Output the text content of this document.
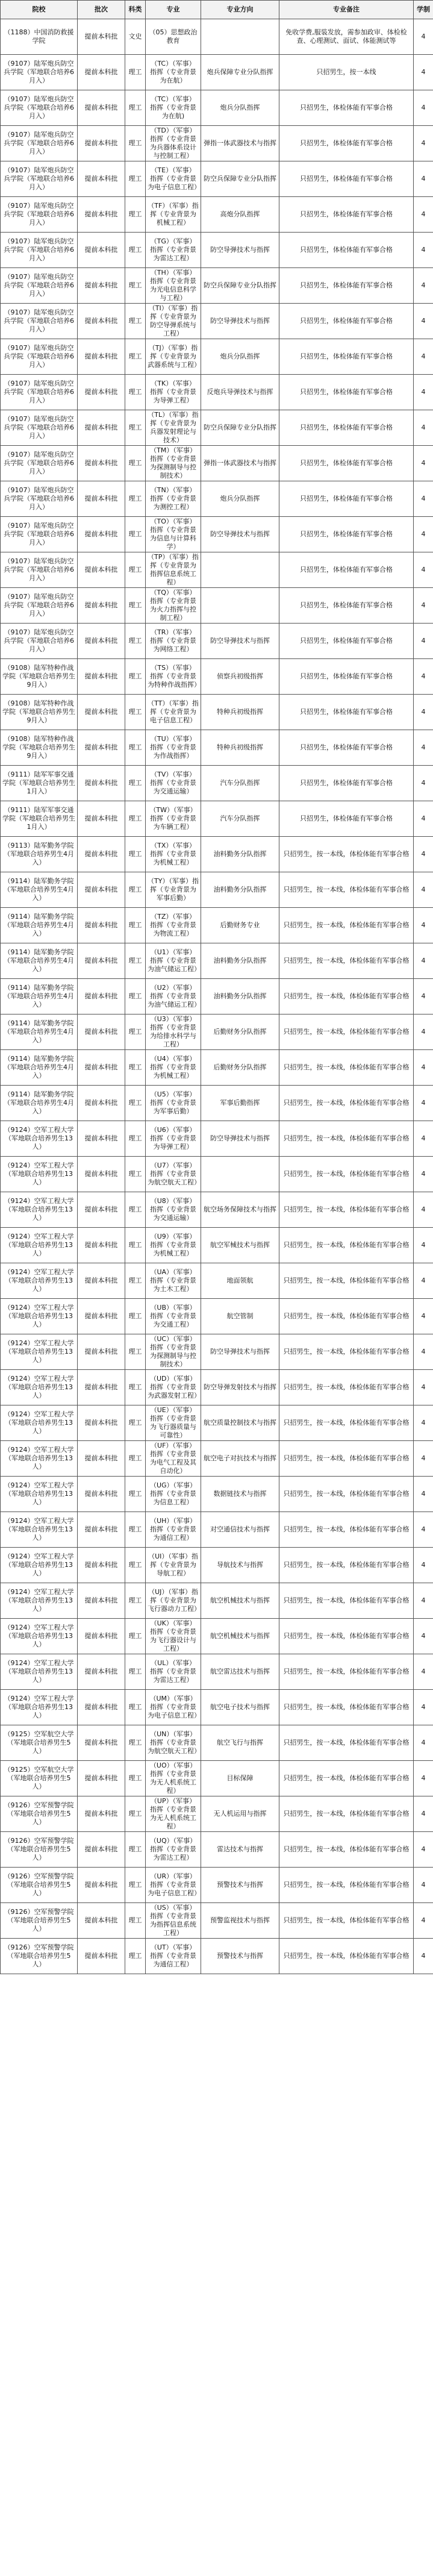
院校	批次	科类	专业	专业方向	专业备注	学制
（1188）中国消防救援学院	提前本科批	文史	（05）思想政治教育		免收学费,服装发放，需参加政审、体检检查、心理测试、面试、体能测试等	4
（9107）陆军炮兵防空兵学院（军地联合培养6月入）	提前本科批	理工	（TC）（军事）指挥（专业背景为在航）	炮兵保障专业分队指挥	只招男生，按一本线	4
（9107）陆军炮兵防空兵学院（军地联合培养6月入）	提前本科批	理工	（TC）（军事）指挥（专业背景为在航)	炮兵分队指挥	只招男生，体检体能有军事合格	4
（9107）陆军炮兵防空兵学院（军地联合培养6月入）	提前本科批	理工	（TD）（军事）指挥（专业背景为兵器体系设计与控制工程）	弹指一体武器技术与指挥	只招男生，体检体能有军事合格	4
（9107）陆军炮兵防空兵学院（军地联合培养6月入）	提前本科批	理工	（TE）（军事）指挥（专业背景为电子信息工程）	防空兵保障专业分队指挥	只招男生，体检体能有军事合格	4
（9107）陆军炮兵防空兵学院（军地联合培养6月入）	提前本科批	理工	（TF）（军事）指挥（专业背景为机械工程）	高炮分队指挥	只招男生，体检体能有军事合格	4
（9107）陆军炮兵防空兵学院（军地联合培养6月入）	提前本科批	理工	（TG）（军事）指挥（专业背景为雷达工程）	防空导弹技术与指挥	只招男生，体检体能有军事合格	4
（9107）陆军炮兵防空兵学院（军地联合培养6月入）	提前本科批	理工	（TH）（军事）指挥（专业背景为光电信息科学与工程）	防空兵保障专业分队指挥	只招男生，体检体能有军事合格	4
（9107）陆军炮兵防空兵学院（军地联合培养6月入）	提前本科批	理工	（TI）（军事）指挥（专业背景为防空导弹系统与工程）	防空导弹技术与指挥	只招男生，体检体能有军事合格	4
（9107）陆军炮兵防空兵学院（军地联合培养6月入）	提前本科批	理工	（TJ）（军事）指挥（专业背景为武器系统与工程）	炮兵分队指挥	只招男生，体检体能有军事合格	4
（9107）陆军炮兵防空兵学院（军地联合培养6月入）	提前本科批	理工	（TK）（军事）指挥（专业背景为导弹工程）	反炮兵导弹技术与指挥	只招男生，体检体能有军事合格	4
（9107）陆军炮兵防空兵学院（军地联合培养6月入）	提前本科批	理工	（TL）（军事）指挥（专业背景为兵器发射理论与技术）	防空兵保障专业分队指挥	只招男生，体检体能有军事合格	4
（9107）陆军炮兵防空兵学院（军地联合培养6月入）	提前本科批	理工	（TM）（军事）指挥（专业背景为探测制导与控制技术）	弹指一体武器技术与指挥	只招男生，体检体能有军事合格	4
（9107）陆军炮兵防空兵学院（军地联合培养6月入）	提前本科批	理工	（TN）（军事）指挥（专业背景为测控工程）	炮兵分队指挥	只招男生，体检体能有军事合格	4
（9107）陆军炮兵防空兵学院（军地联合培养6月入）	提前本科批	理工	（TO）（军事）指挥（专业背景为信息与计算科学）	防空导弹技术与指挥	只招男生，体检体能有军事合格	4
（9107）陆军炮兵防空兵学院（军地联合培养6月入）	提前本科批	理工	（TP）（军事）指挥（专业背景为指挥信息系统工程）		只招男生，体检体能有军事合格	4
（9107）陆军炮兵防空兵学院（军地联合培养6月入）	提前本科批	理工	（TQ）（军事）指挥（专业背景为火力指挥与控制工程）		只招男生，体检体能有军事合格	4
（9107）陆军炮兵防空兵学院（军地联合培养6月入）	提前本科批	理工	（TR）（军事）指挥（专业背景为网络工程）	防空导弹技术与指挥	只招男生，体检体能有军事合格	4
（9108）陆军特种作战学院（军地联合培养男生9月入）	提前本科批	理工	（TS）（军事）指挥（专业背景为特种作战指挥）	侦察兵初级指挥	只招男生，体检体能有军事合格	4
（9108）陆军特种作战学院（军地联合培养男生9月入）	提前本科批	理工	（TT）（军事）指挥（专业背景为电子信息工程）	特种兵初级指挥	只招男生，体检体能有军事合格	4
（9108）陆军特种作战学院（军地联合培养男生9月入）	提前本科批	理工	（TU）（军事）指挥（专业背景为作战指挥）	特种兵初级指挥	只招男生，体检体能有军事合格	4
（9111）陆军军事交通学院（军地联合培养男生1月入）	提前本科批	理工	（TV）（军事）指挥（专业背景为交通运输）	汽车分队指挥	只招男生，体检体能有军事合格	4
（9111）陆军军事交通学院（军地联合培养男生1月入）	提前本科批	理工	（TW）（军事）指挥（专业背景为车辆工程）	汽车分队指挥	只招男生，体检体能有军事合格	4
（9113）陆军勤务学院（军地联合培养男生4月入）	提前本科批	理工	（TX）（军事）指挥（专业背景为机械工程）	油料勤务分队指挥	只招男生，按一本线，体检体能有军事合格	4
（9114）陆军勤务学院（军地联合培养男生4月入）	提前本科批	理工	（TY）（军事）指挥（专业背景为军事后勤）	油料勤务分队指挥	只招男生，按一本线，体检体能有军事合格	4
（9114）陆军勤务学院（军地联合培养男生4月入）	提前本科批	理工	（TZ）（军事）指挥（专业背景为物流工程）	后勤财务专业	只招男生，按一本线，体检体能有军事合格	4
（9114）陆军勤务学院（军地联合培养男生4月入）	提前本科批	理工	（U1）（军事）指挥（专业背景为油气储运工程）	油料勤务分队指挥	只招男生，按一本线，体检体能有军事合格	4
（9114）陆军勤务学院（军地联合培养男生4月入）	提前本科批	理工	（U2）（军事）指挥（专业背景为油气储运工程）	油料勤务分队指挥	只招男生，按一本线，体检体能有军事合格	4
（9114）陆军勤务学院（军地联合培养男生4月入）	提前本科批	理工	（U3）（军事）指挥（专业背景为给排水科学与工程）	后勤财务分队指挥	只招男生，按一本线，体检体能有军事合格	4
（9114）陆军勤务学院（军地联合培养男生4月入）	提前本科批	理工	（U4）（军事）指挥（专业背景为机械工程）	后勤财务分队指挥	只招男生，按一本线，体检体能有军事合格	4
（9114）陆军勤务学院（军地联合培养男生4月入）	提前本科批	理工	（U5）（军事）指挥（专业背景为军事后勤）	军事后勤指挥	只招男生，按一本线，体检体能有军事合格	4
（9124）空军工程大学（军地联合培养男生13人）	提前本科批	理工	（U6）（军事）指挥（专业背景为导弹工程）	防空导弹技术与指挥	只招男生，按一本线，体检体能有军事合格	4
（9124）空军工程大学（军地联合培养男生13人）	提前本科批	理工	（U7）（军事）指挥（专业背景为航空航天工程）		只招男生，按一本线，体检体能有军事合格	4
（9124）空军工程大学（军地联合培养男生13人）	提前本科批	理工	（U8）（军事）指挥（专业背景为交通运输）	航空场务保障技术与指挥	只招男生，按一本线，体检体能有军事合格	4
（9124）空军工程大学（军地联合培养男生13人）	提前本科批	理工	（U9）（军事）指挥（专业背景为机械工程）	航空军械技术与指挥	只招男生，按一本线，体检体能有军事合格	4
（9124）空军工程大学（军地联合培养男生13人）	提前本科批	理工	（UA）（军事）指挥（专业背景为土木工程）	地面领航	只招男生，按一本线，体检体能有军事合格	4
（9124）空军工程大学（军地联合培养男生13人）	提前本科批	理工	（UB）（军事）指挥（专业背景为交通工程）	航空管制	只招男生，按一本线，体检体能有军事合格	4
（9124）空军工程大学（军地联合培养男生13人）	提前本科批	理工	（UC）（军事）指挥（专业背景为探测制导与控制技术）	防空导弹技术与指挥	只招男生，按一本线，体检体能有军事合格	4
（9124）空军工程大学（军地联合培养男生13人）	提前本科批	理工	（UD）（军事）指挥（专业背景为武器发射工程）	防空导弹发射技术与指挥	只招男生，按一本线，体检体能有军事合格	4
（9124）空军工程大学（军地联合培养男生13人）	提前本科批	理工	（UE）（军事）指挥（专业背景为飞行器质量与可靠性）	航空质量控制技术与指挥	只招男生，按一本线，体检体能有军事合格	4
（9124）空军工程大学（军地联合培养男生13人）	提前本科批	理工	（UF）（军事）指挥（专业背景为电气工程及其自动化）	航空电子对抗技术与指挥	只招男生，按一本线，体检体能有军事合格	4
（9124）空军工程大学（军地联合培养男生13人）	提前本科批	理工	（UG）（军事）指挥（专业背景为信息工程）	数据链技术与指挥	只招男生，按一本线，体检体能有军事合格	4
（9124）空军工程大学（军地联合培养男生13人）	提前本科批	理工	（UH）（军事）指挥（专业背景为通信工程）	对空通信技术与指挥	只招男生，按一本线，体检体能有军事合格	4
（9124）空军工程大学（军地联合培养男生13人）	提前本科批	理工	（UI）（军事）指挥（专业背景为导航工程）	导航技术与指挥	只招男生，按一本线，体检体能有军事合格	4
（9124）空军工程大学（军地联合培养男生13人）	提前本科批	理工	（UJ）（军事）指挥（专业背景为飞行器动力工程）	航空机械技术与指挥	只招男生，按一本线，体检体能有军事合格	4
（9124）空军工程大学（军地联合培养男生13人）	提前本科批	理工	（UK）（军事）指挥（专业背景为飞行器设计与工程）	航空机械技术与指挥	只招男生，按一本线，体检体能有军事合格	4
（9124）空军工程大学（军地联合培养男生13人）	提前本科批	理工	（UL）（军事）指挥（专业背景为雷达工程）	航空雷达技术与指挥	只招男生，按一本线，体检体能有军事合格	4
（9124）空军工程大学（军地联合培养男生13人）	提前本科批	理工	（UM）（军事）指挥（专业背景为电子信息工程）	航空电子技术与指挥	只招男生，按一本线，体检体能有军事合格	4
（9125）空军航空大学（军地联合培养男生5人）	提前本科批	理工	（UN）（军事）指挥（专业背景为航空航天工程）	航空飞行与指挥	只招男生，按一本线，体检体能有军事合格	4
（9125）空军航空大学（军地联合培养男生5人）	提前本科批	理工	（UO）（军事）指挥（专业背景为无人机系统工程）	目标保障	只招男生，按一本线，体检体能有军事合格	4
（9126）空军预警学院（军地联合培养男生5人）	提前本科批	理工	（UP）（军事）指挥（专业背景为无人机系统工程）	无人机运用与指挥	只招男生，按一本线，体检体能有军事合格	4
（9126）空军预警学院（军地联合培养男生5人）	提前本科批	理工	（UQ）（军事）指挥（专业背景为雷达工程）	雷达技术与指挥	只招男生，按一本线，体检体能有军事合格	4
（9126）空军预警学院（军地联合培养男生5人）	提前本科批	理工	（UR）（军事）指挥（专业背景为电子信息工程）	预警技术与指挥	只招男生，按一本线，体检体能有军事合格	4
（9126）空军预警学院（军地联合培养男生5人）	提前本科批	理工	（US）（军事）指挥（专业背景为指挥信息系统工程）	预警监视技术与指挥	只招男生，按一本线，体检体能有军事合格	4
（9126）空军预警学院（军地联合培养男生5人）	提前本科批	理工	（UT）（军事）指挥（专业背景为通信工程）	预警技术与指挥	只招男生，按一本线，体检体能有军事合格	4
